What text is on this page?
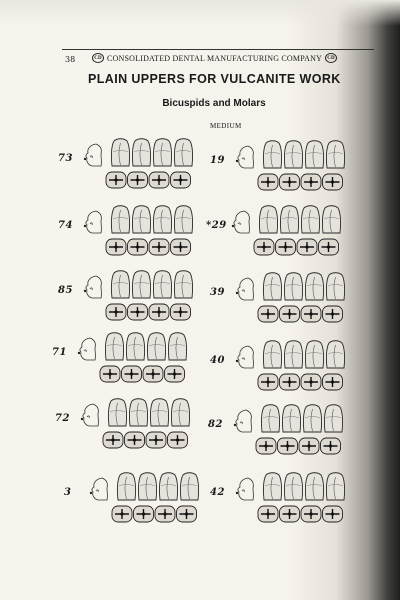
38	CD CONSOLIDATED DENTAL MANUFACTURING COMPANY CD
PLAIN UPPERS FOR VULCANITE WORK
Bicuspids and Molars
MEDIUM
73
74
85
71
72
3
19
*29
39
40
82
42
